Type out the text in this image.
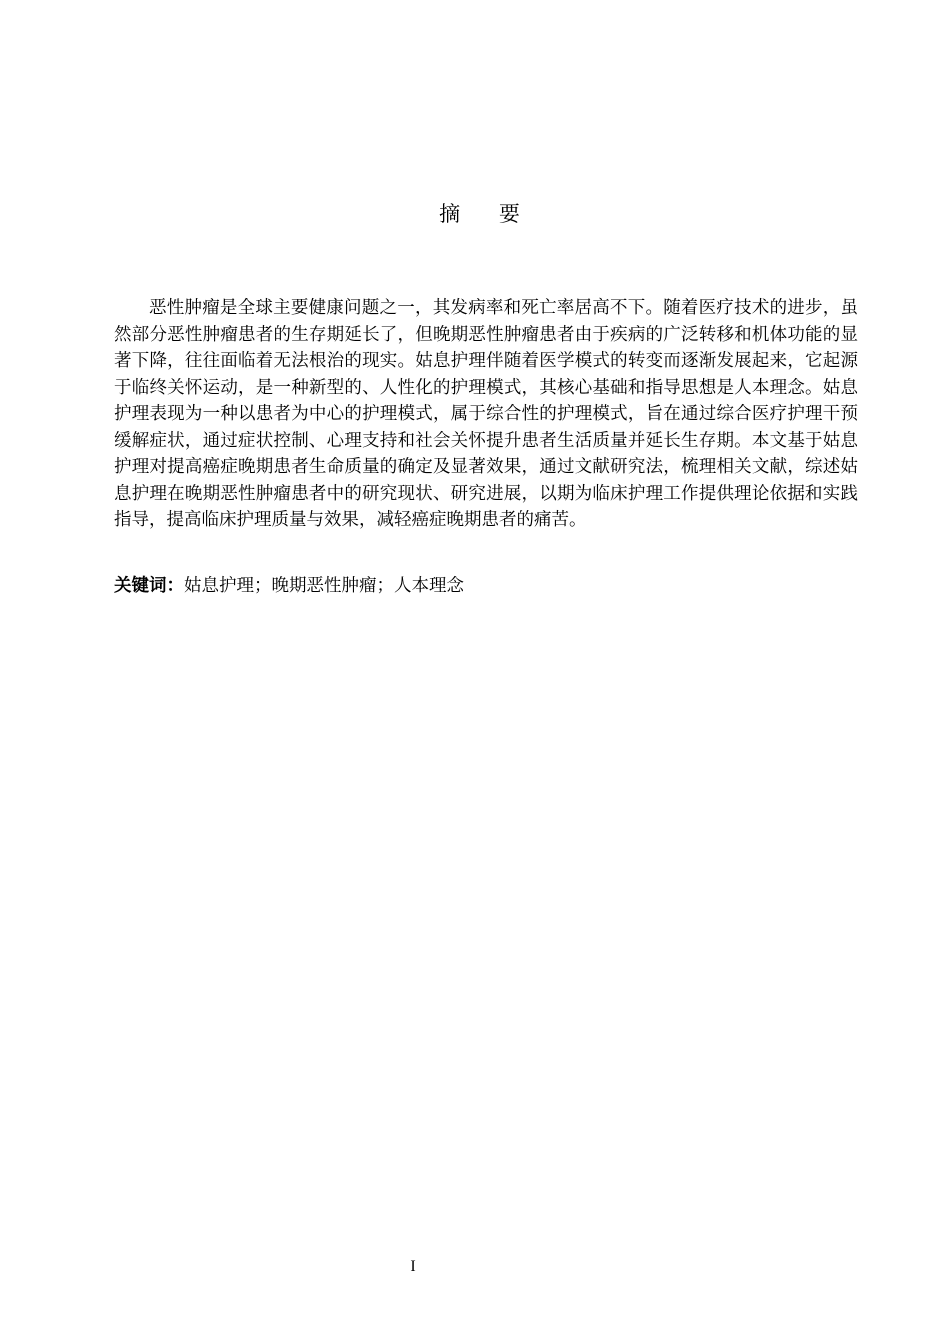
摘 要

恶性肿瘤是全球主要健康问题之一，其发病率和死亡率居高不下。随着医疗技术的进步，虽然部分恶性肿瘤患者的生存期延长了，但晚期恶性肿瘤患者由于疾病的广泛转移和机体功能的显著下降，往往面临着无法根治的现实。姑息护理伴随着医学模式的转变而逐渐发展起来，它起源于临终关怀运动，是一种新型的、人性化的护理模式，其核心基础和指导思想是人本理念。姑息护理表现为一种以患者为中心的护理模式，属于综合性的护理模式，旨在通过综合医疗护理干预缓解症状，通过症状控制、心理支持和社会关怀提升患者生活质量并延长生存期。本文基于姑息护理对提高癌症晚期患者生命质量的确定及显著效果，通过文献研究法，梳理相关文献，综述姑息护理在晚期恶性肿瘤患者中的研究现状、研究进展，以期为临床护理工作提供理论依据和实践指导，提高临床护理质量与效果，减轻癌症晚期患者的痛苦。

关键词：姑息护理；晚期恶性肿瘤；人本理念

I
